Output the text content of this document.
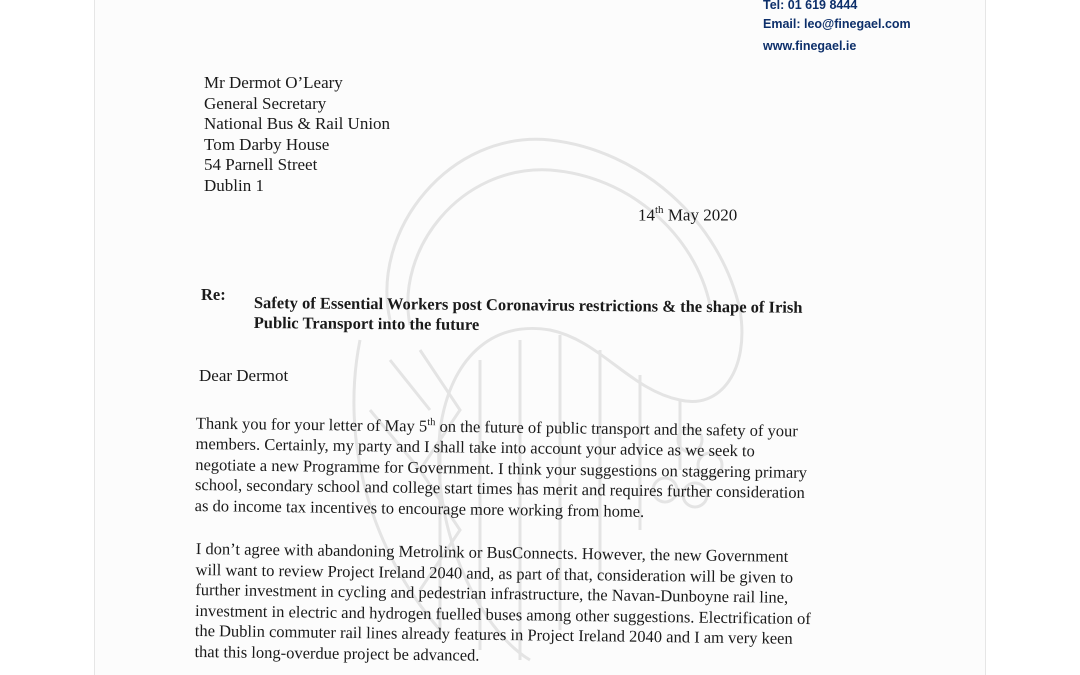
Tel: 01 619 8444
Email: leo@finegael.com
www.finegael.ie
Mr Dermot O’Leary
General Secretary
National Bus & Rail Union
Tom Darby House
54 Parnell Street
Dublin 1
14th May 2020
Re: Safety of Essential Workers post Coronavirus restrictions & the shape of Irish
Public Transport into the future
Dear Dermot
Thank you for your letter of May 5th on the future of public transport and the safety of your
members. Certainly, my party and I shall take into account your advice as we seek to
negotiate a new Programme for Government. I think your suggestions on staggering primary
school, secondary school and college start times has merit and requires further consideration
as do income tax incentives to encourage more working from home.
I don’t agree with abandoning Metrolink or BusConnects. However, the new Government
will want to review Project Ireland 2040 and, as part of that, consideration will be given to
further investment in cycling and pedestrian infrastructure, the Navan-Dunboyne rail line,
investment in electric and hydrogen fuelled buses among other suggestions. Electrification of
the Dublin commuter rail lines already features in Project Ireland 2040 and I am very keen
that this long-overdue project be advanced.
